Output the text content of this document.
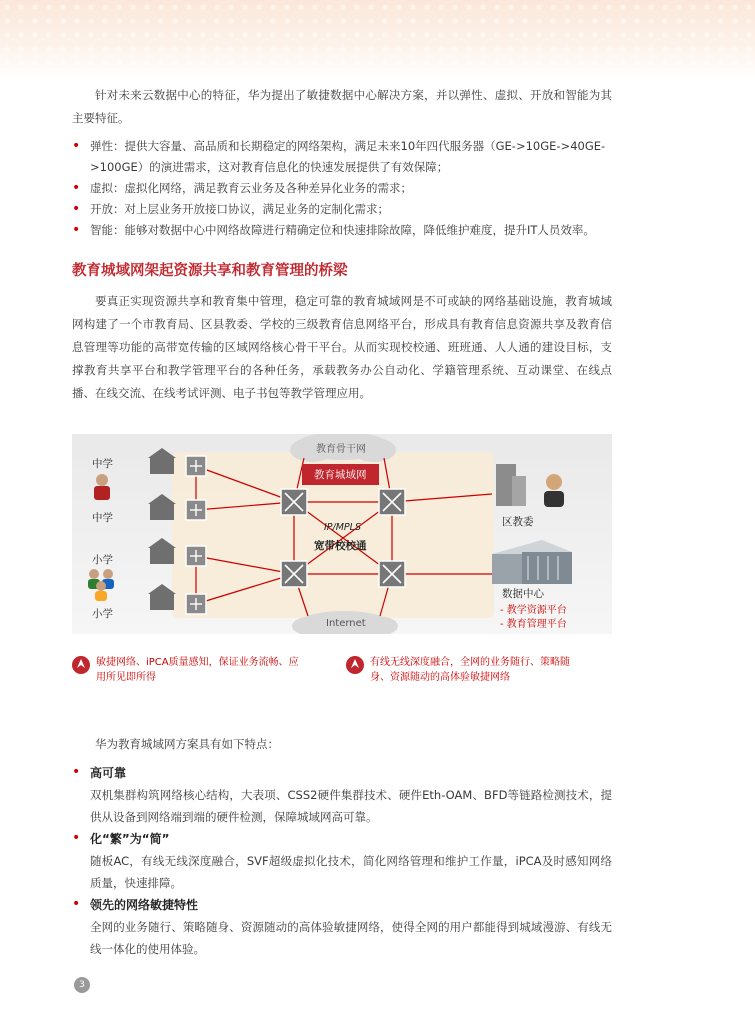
针对未来云数据中心的特征，华为提出了敏捷数据中心解决方案，并以弹性、虚拟、开放和智能为其主要特征。

• 弹性：提供大容量、高品质和长期稳定的网络架构，满足未来10年四代服务器（GE->10GE->40GE->100GE）的演进需求，这对教育信息化的快速发展提供了有效保障；
• 虚拟：虚拟化网络，满足教育云业务及各种差异化业务的需求；
• 开放：对上层业务开放接口协议，满足业务的定制化需求；
• 智能：能够对数据中心中网络故障进行精确定位和快速排除故障，降低维护难度，提升IT人员效率。
教育城域网架起资源共享和教育管理的桥梁

要真正实现资源共享和教育集中管理，稳定可靠的教育城域网是不可或缺的网络基础设施，教育城域网构建了一个市教育局、区县教委、学校的三级教育信息网络平台，形成具有教育信息资源共享及教育信息管理等功能的高带宽传输的区域网络核心骨干平台。从而实现校校通、班班通、人人通的建设目标，支撑教育共享平台和教学管理平台的各种任务，承载教务办公自动化、学籍管理系统、互动课堂、在线点播、在线交流、在线考试评测、电子书包等教学管理应用。

教育骨干网
教育城域网
IP/MPLS
宽带校校通
Internet
中学
中学
小学
小学
区教委
数据中心
- 教学资源平台
- 教育管理平台
敏捷网络、iPCA质量感知，保证业务流畅、应用所见即所得
有线无线深度融合，全网的业务随行、策略随身、资源随动的高体验敏捷网络

华为教育城域网方案具有如下特点：

• 高可靠
双机集群构筑网络核心结构，大表项、CSS2硬件集群技术、硬件Eth-OAM、BFD等链路检测技术，提供从设备到网络端到端的硬件检测，保障城域网高可靠。
• 化“繁”为“简”
随板AC，有线无线深度融合，SVF超级虚拟化技术，简化网络管理和维护工作量，iPCA及时感知网络质量，快速排障。
• 领先的网络敏捷特性
全网的业务随行、策略随身、资源随动的高体验敏捷网络，使得全网的用户都能得到城域漫游、有线无线一体化的使用体验。
3
